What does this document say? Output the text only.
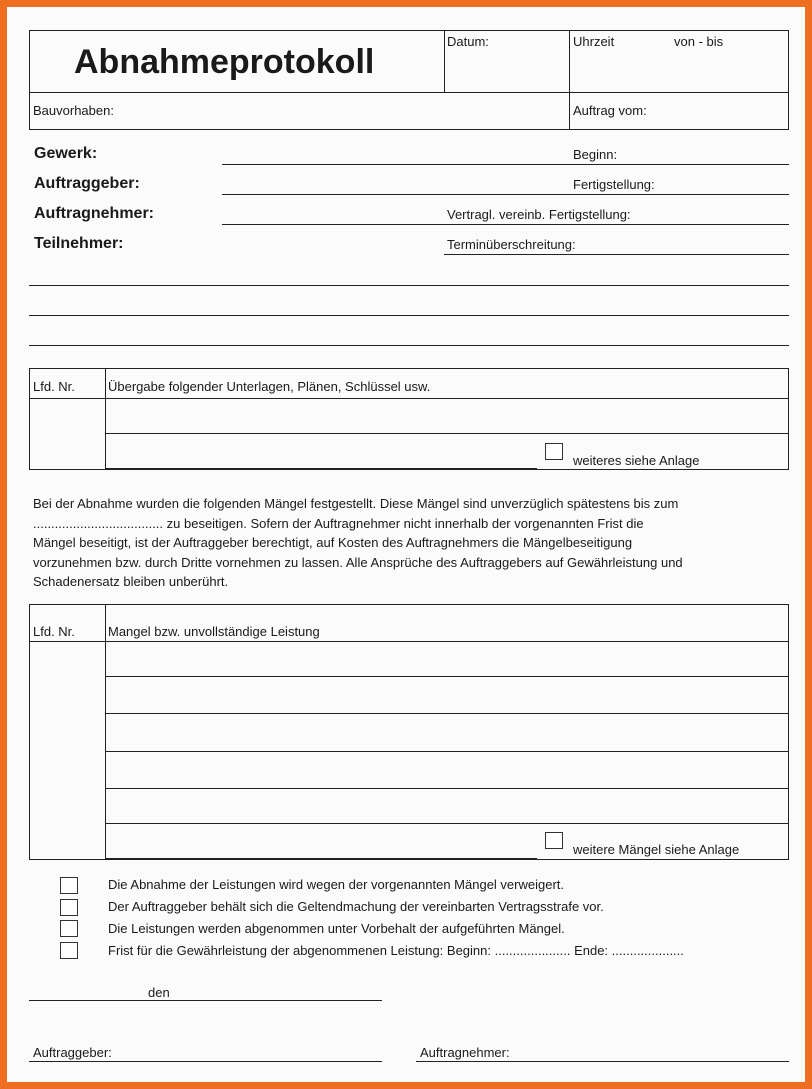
Abnahmeprotokoll
Datum:	Uhrzeit	von - bis
Bauvorhaben:	Auftrag vom:
Gewerk:
Auftraggeber:
Auftragnehmer:
Teilnehmer:
Beginn:
Fertigstellung:
Vertragl. vereinb. Fertigstellung:
Terminüberschreitung:
Lfd. Nr.	Übergabe folgender Unterlagen, Plänen, Schlüssel usw.
weiteres siehe Anlage
Bei der Abnahme wurden die folgenden Mängel festgestellt. Diese Mängel sind unverzüglich spätestens bis zum
.................................... zu beseitigen. Sofern der Auftragnehmer nicht innerhalb der vorgenannten Frist die
Mängel beseitigt, ist der Auftraggeber berechtigt, auf Kosten des Auftragnehmers die Mängelbeseitigung
vorzunehmen bzw. durch Dritte vornehmen zu lassen. Alle Ansprüche des Auftraggebers auf Gewährleistung und
Schadenersatz bleiben unberührt.
Lfd. Nr.	Mangel bzw. unvollständige Leistung
weitere Mängel siehe Anlage
Die Abnahme der Leistungen wird wegen der vorgenannten Mängel verweigert.
Der Auftraggeber behält sich die Geltendmachung der vereinbarten Vertragsstrafe vor.
Die Leistungen werden abgenommen unter Vorbehalt der aufgeführten Mängel.
Frist für die Gewährleistung der abgenommenen Leistung: Beginn: ..................... Ende: ....................
den
Auftraggeber:	Auftragnehmer:
